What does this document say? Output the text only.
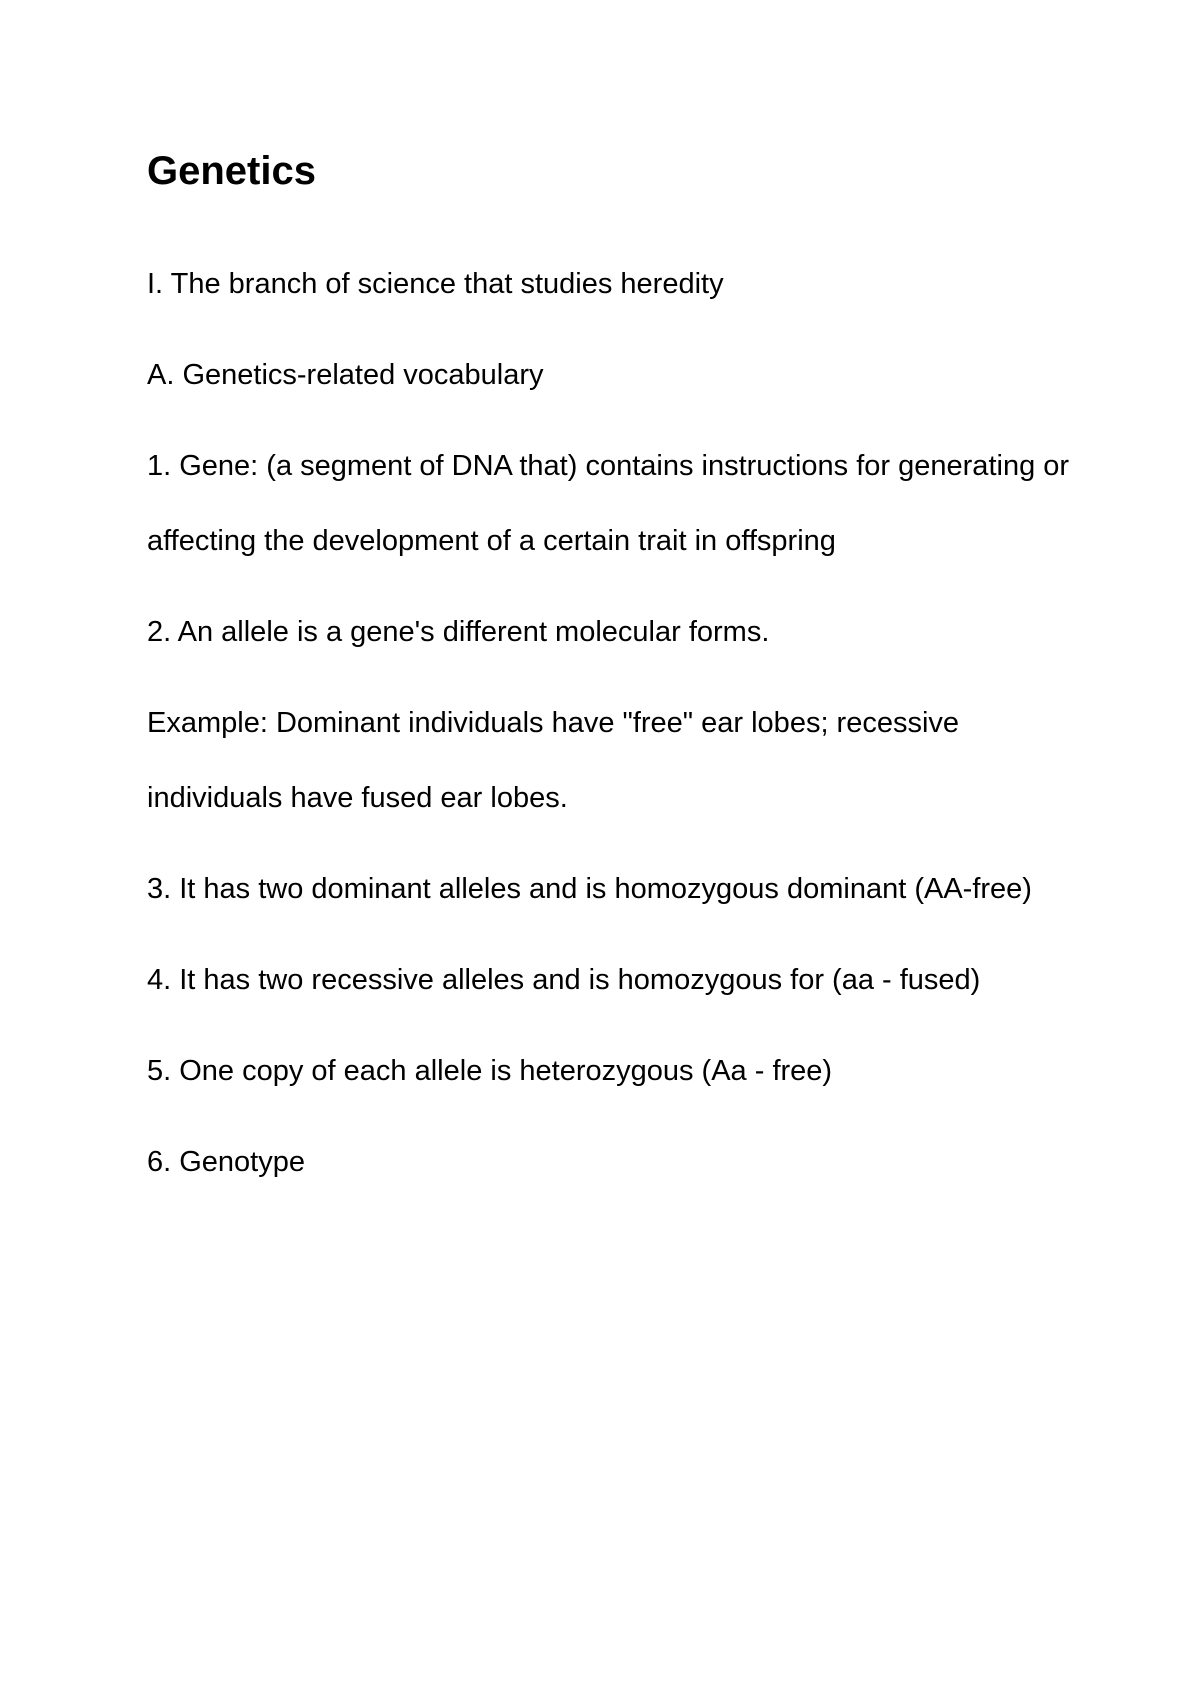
Genetics

I. The branch of science that studies heredity

A. Genetics-related vocabulary

1. Gene: (a segment of DNA that) contains instructions for generating or affecting the development of a certain trait in offspring

2. An allele is a gene's different molecular forms.

Example: Dominant individuals have "free" ear lobes; recessive individuals have fused ear lobes.

3. It has two dominant alleles and is homozygous dominant (AA-free)

4. It has two recessive alleles and is homozygous for (aa - fused)

5. One copy of each allele is heterozygous (Aa - free)

6. Genotype
